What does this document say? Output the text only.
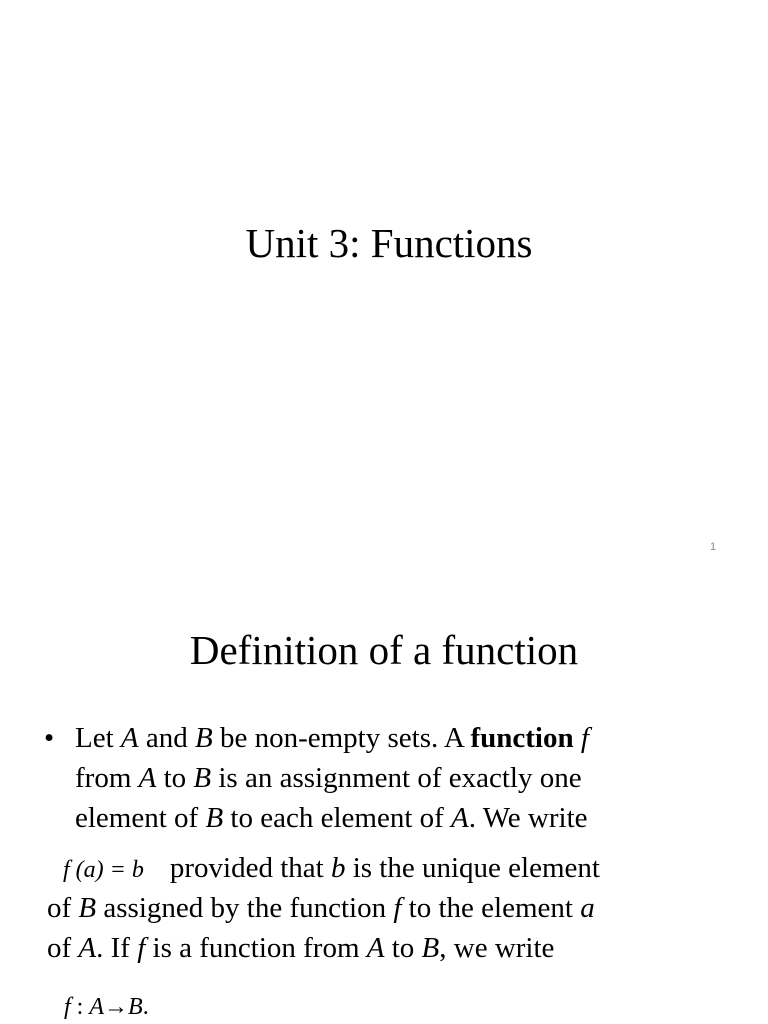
Unit 3: Functions
1
Definition of a function
• Let A and B be non-empty sets. A function f
from A to B is an assignment of exactly one
element of B to each element of A. We write
f (a) = b provided that b is the unique element
of B assigned by the function f to the element a
of A. If f is a function from A to B, we write
f : A→B.
